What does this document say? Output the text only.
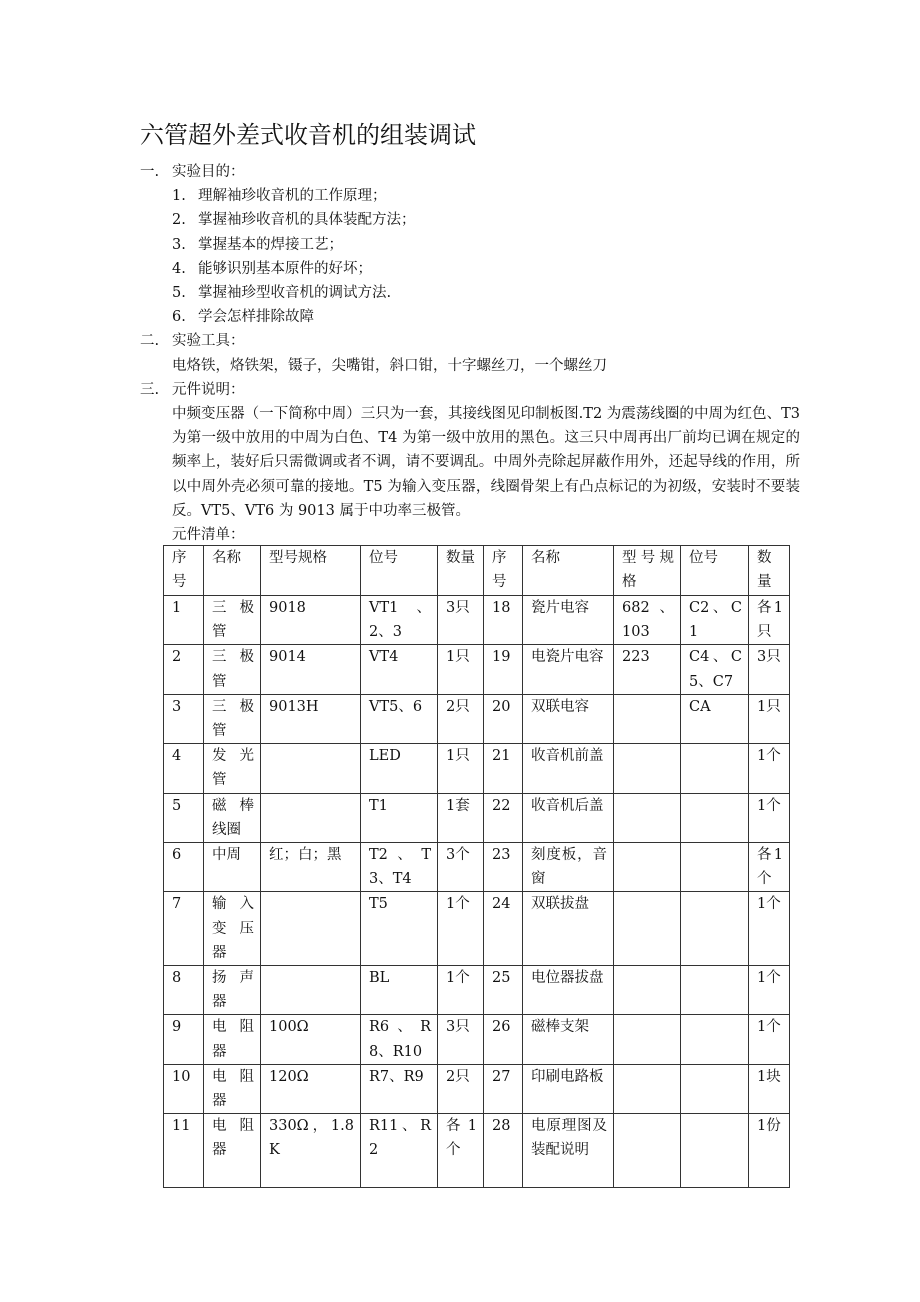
六管超外差式收音机的组装调试
一. 实验目的：
1. 理解袖珍收音机的工作原理；
2. 掌握袖珍收音机的具体装配方法；
3. 掌握基本的焊接工艺；
4. 能够识别基本原件的好坏；
5. 掌握袖珍型收音机的调试方法.
6. 学会怎样排除故障
二. 实验工具：
电烙铁，烙铁架，镊子，尖嘴钳，斜口钳，十字螺丝刀，一个螺丝刀
三. 元件说明：
中频变压器（一下简称中周）三只为一套，其接线图见印制板图.T2 为震荡线圈的中周为红色、T3 为第一级中放用的中周为白色、T4 为第一级中放用的黑色。这三只中周再出厂前均已调在规定的频率上，装好后只需微调或者不调，请不要调乱。中周外壳除起屏蔽作用外，还起导线的作用，所以中周外壳必须可靠的接地。T5 为输入变压器，线圈骨架上有凸点标记的为初级，安装时不要装反。VT5、VT6 为 9013 属于中功率三极管。
元件清单：
序号	名称	型号规格	位号	数量	序号	名称	型号规格	位号	数量
1	三极管	9018	VT1、2、3	3只	18	瓷片电容	682 、103	C2、C1	各1只
2	三极管	9014	VT4	1只	19	电瓷片电容	223	C4、C5、C7	3只
3	三极管	9013H	VT5、6	2只	20	双联电容		CA	1只
4	发光管		LED	1只	21	收音机前盖			1个
5	磁棒线圈		T1	1套	22	收音机后盖			1个
6	中周	红；白；黑	T2、T3、T4	3个	23	刻度板，音窗			各1个
7	输入变压器		T5	1个	24	双联拔盘			1个
8	扬声器		BL	1个	25	电位器拔盘			1个
9	电阻器	100Ω	R6、R8、R10	3只	26	磁棒支架			1个
10	电阻器	120Ω	R7、R9	2只	27	印刷电路板			1块
11	电阻器	330Ω，1.8K	R11、R2	各1个	28	电原理图及装配说明			1份
